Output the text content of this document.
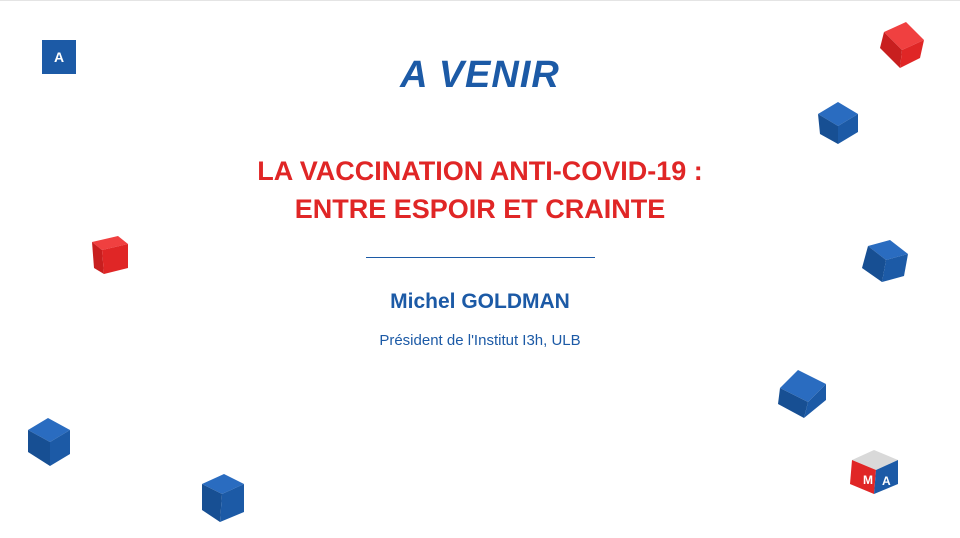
A
M A
A VENIR
LA VACCINATION ANTI-COVID-19 :
ENTRE ESPOIR ET CRAINTE
Michel GOLDMAN
Président de l'Institut I3h, ULB
